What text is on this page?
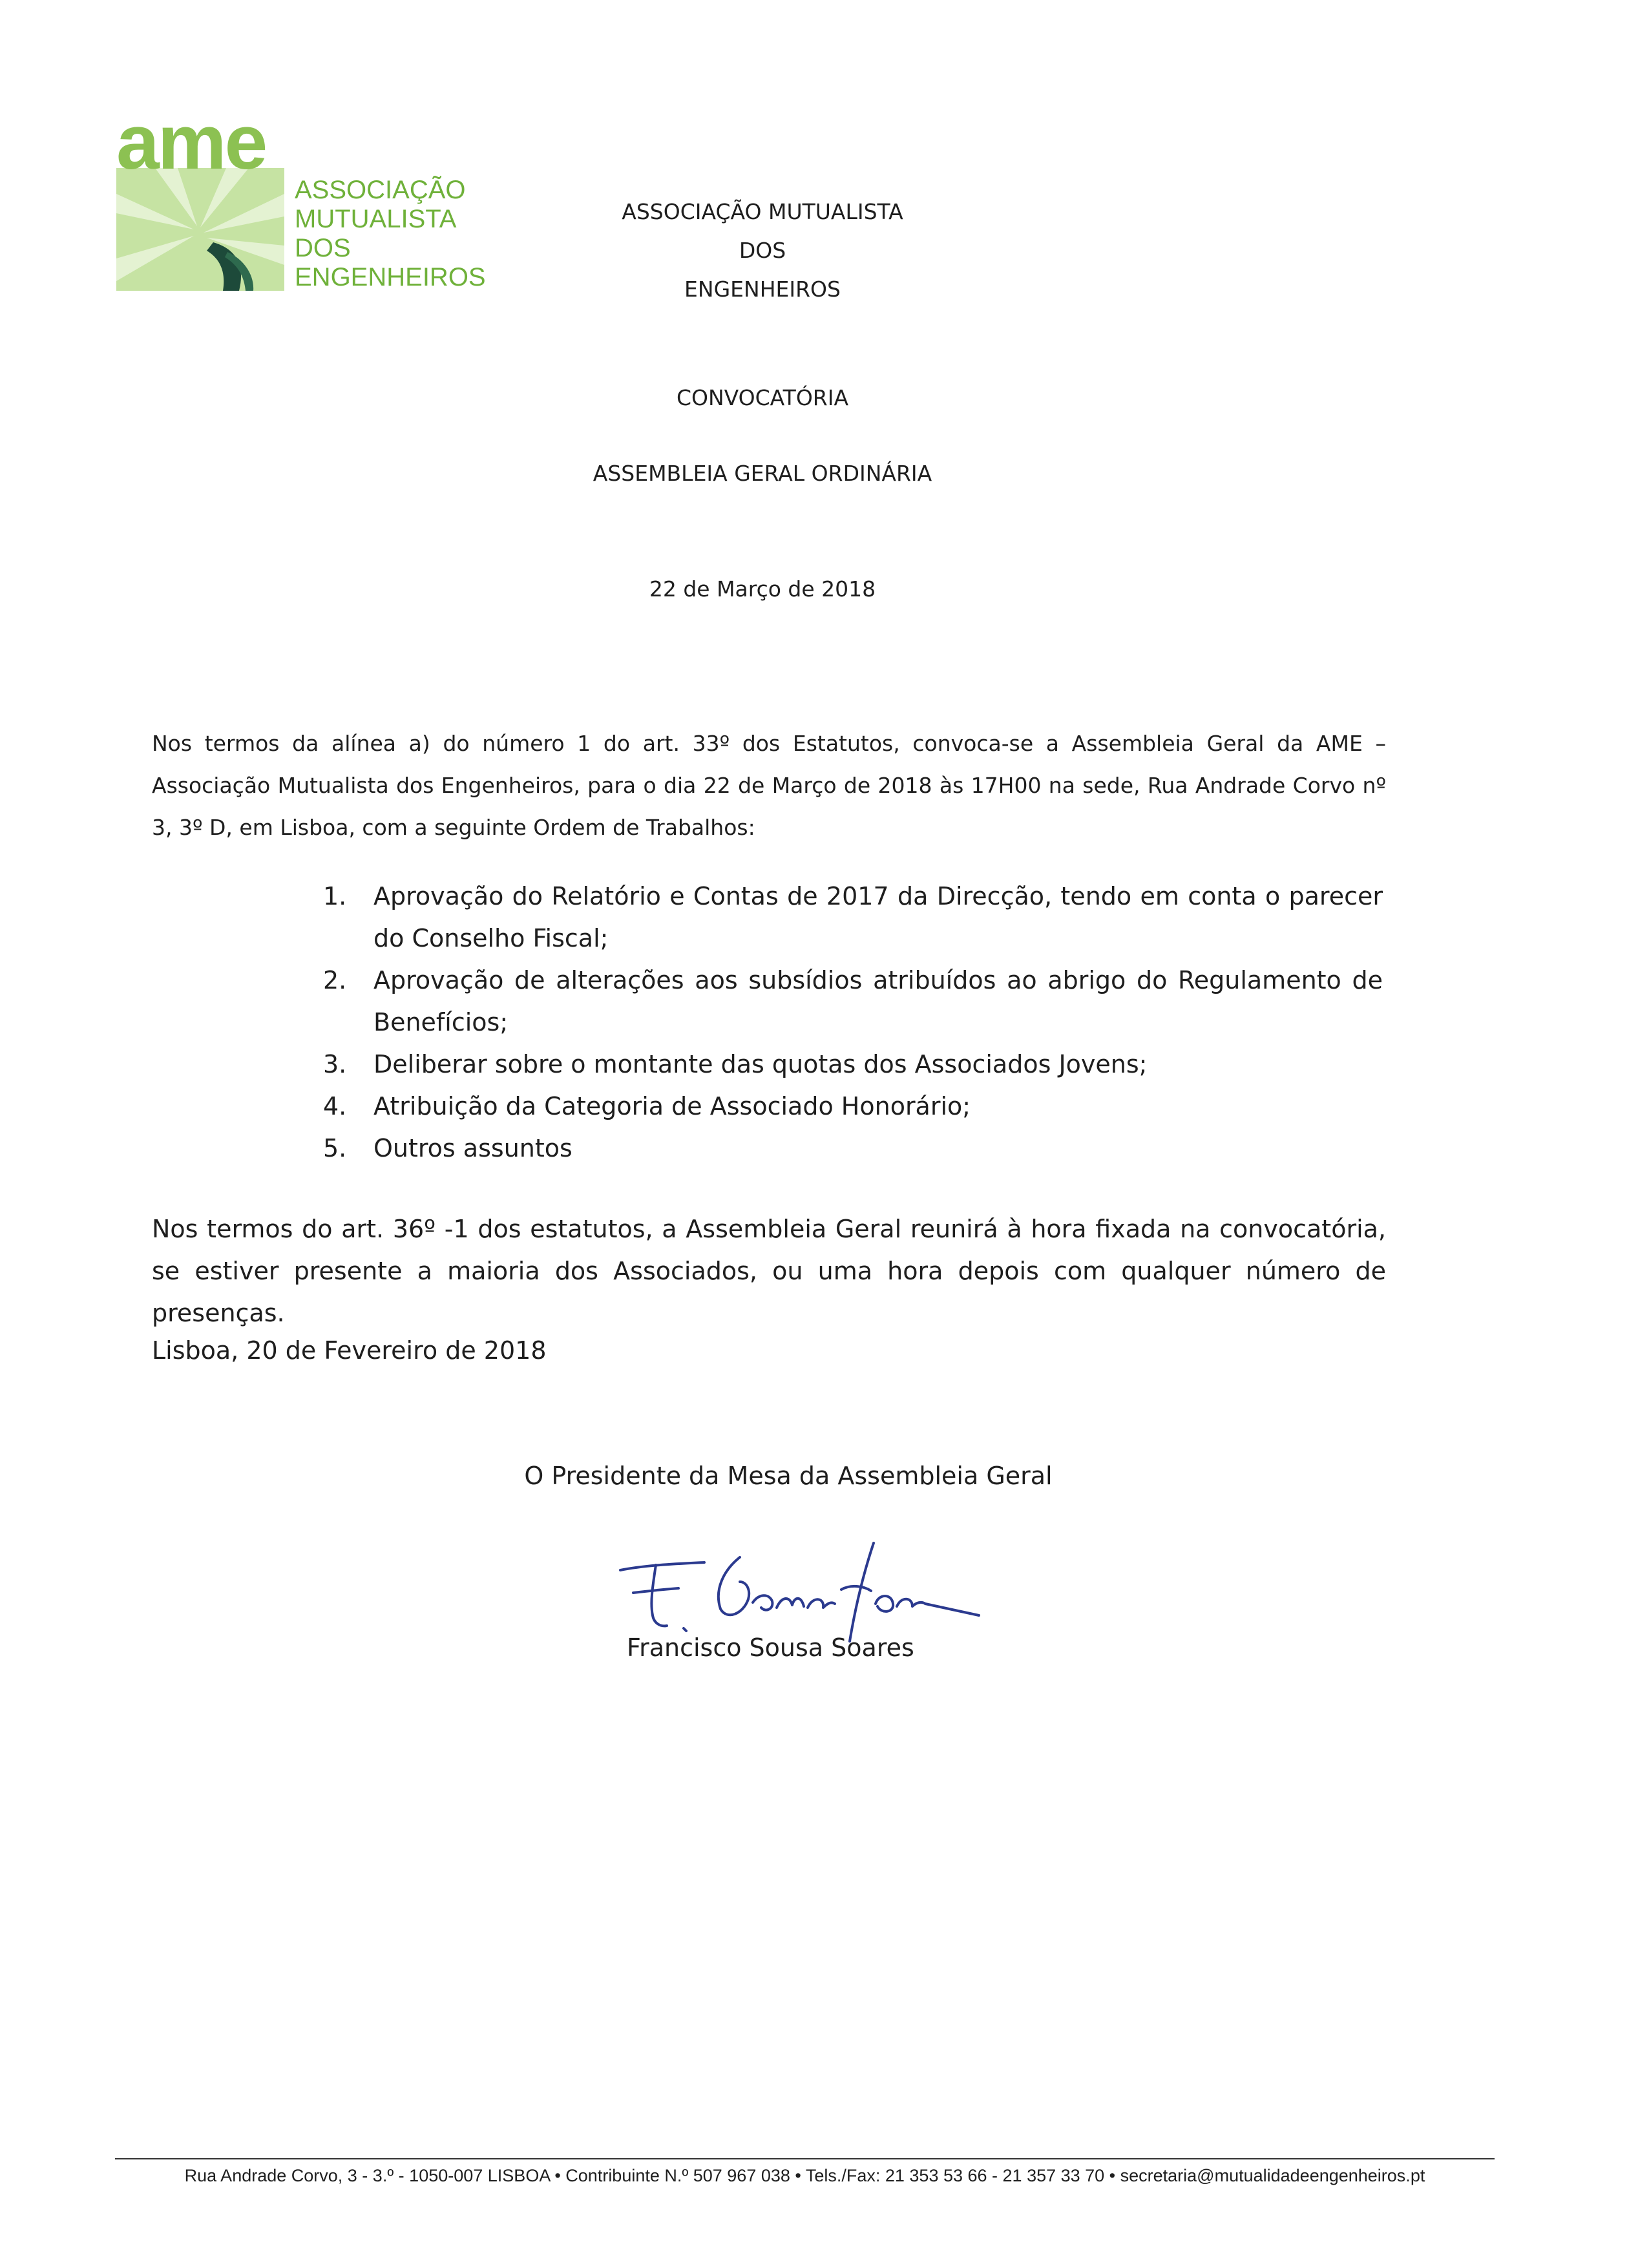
ame
ASSOCIAÇÃO
MUTUALISTA
DOS
ENGENHEIROS
ASSOCIAÇÃO MUTUALISTA
DOS
ENGENHEIROS
CONVOCATÓRIA
ASSEMBLEIA GERAL ORDINÁRIA
22 de Março de 2018
Nos termos da alínea a) do número 1 do art. 33º dos Estatutos, convoca-se a Assembleia Geral da AME – Associação Mutualista dos Engenheiros, para o dia 22 de Março de 2018 às 17H00 na sede, Rua Andrade Corvo nº 3, 3º D, em Lisboa, com a seguinte Ordem de Trabalhos:
1. Aprovação do Relatório e Contas de 2017 da Direcção, tendo em conta o parecer do Conselho Fiscal;
2. Aprovação de alterações aos subsídios atribuídos ao abrigo do Regulamento de Benefícios;
3. Deliberar sobre o montante das quotas dos Associados Jovens;
4. Atribuição da Categoria de Associado Honorário;
5. Outros assuntos
Nos termos do art. 36º -1 dos estatutos, a Assembleia Geral reunirá à hora fixada na convocatória, se estiver presente a maioria dos Associados, ou uma hora depois com qualquer número de presenças.
Lisboa, 20 de Fevereiro de 2018
O Presidente da Mesa da Assembleia Geral
Francisco Sousa Soares
Rua Andrade Corvo, 3 - 3.º - 1050-007 LISBOA • Contribuinte N.º 507 967 038 • Tels./Fax: 21 353 53 66 - 21 357 33 70 • secretaria@mutualidadeengenheiros.pt
